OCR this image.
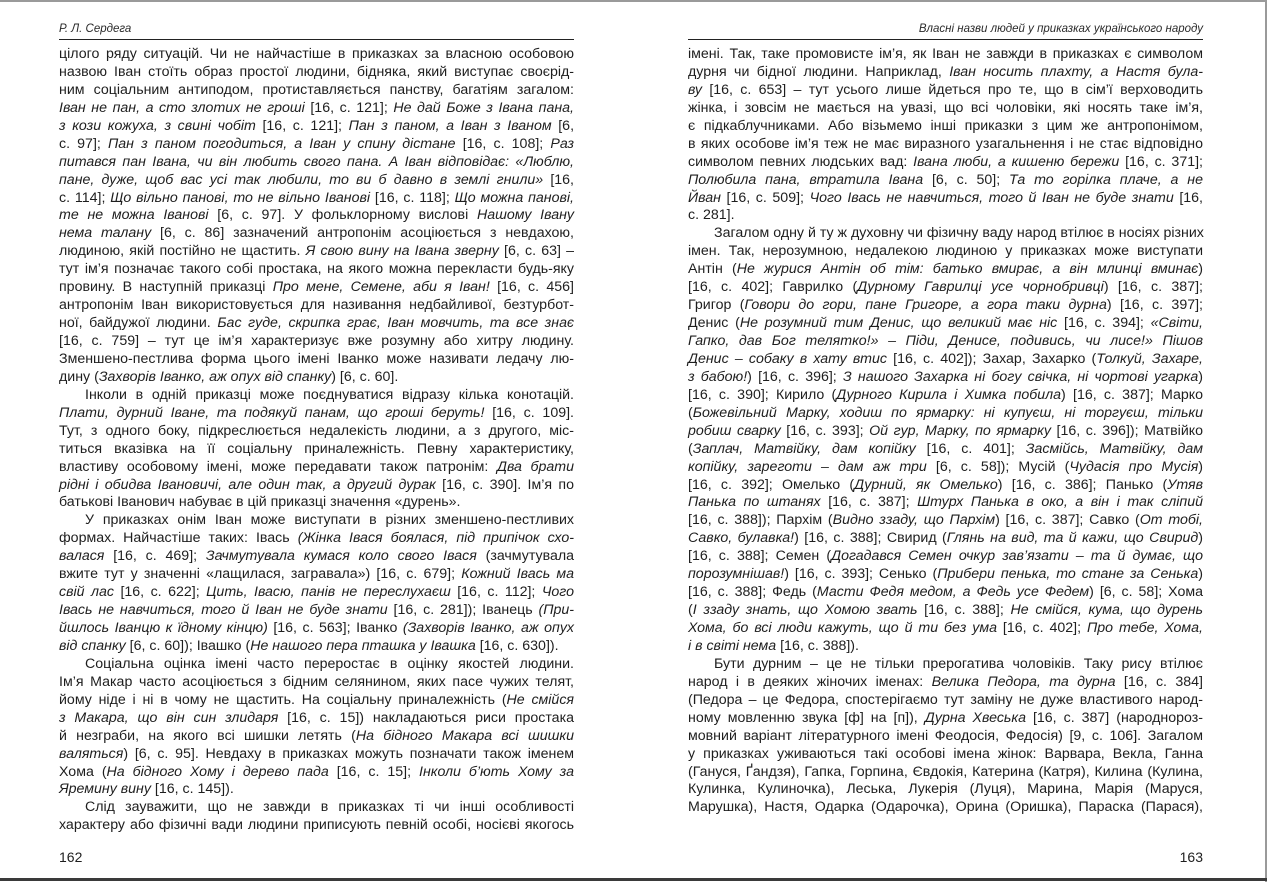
Р. Л. Сердега
цілого ряду ситуацій. Чи не найчастіше в приказках за власною особовою
назвою Іван стоїть образ простої людини, бідняка, який виступає своєрід-
ним соціальним антиподом, протиставляється панству, багатіям загалом:
Іван не пан, а сто злотих не гроші [16, с. 121]; Не дай Боже з Івана пана,
з кози кожуха, з свині чобіт [16, с. 121]; Пан з паном, а Іван з Іваном [6,
с. 97]; Пан з паном погодиться, а Іван у спину дістане [16, с. 108]; Раз
питався пан Івана, чи він любить свого пана. А Іван відповідає: «Люблю,
пане, дуже, щоб вас усі так любили, то ви б давно в землі гнили» [16,
с. 114]; Що вільно панові, то не вільно Іванові [16, с. 118]; Що можна панові,
те не можна Іванові [6, с. 97]. У фольклорному вислові Нашому Івану
нема талану [6, с. 86] зазначений антропонім асоціюється з невдахою,
людиною, якій постійно не щастить. Я свою вину на Івана зверну [6, с. 63] –
тут ім’я позначає такого собі простака, на якого можна перекласти будь-яку
провину. В наступній приказці Про мене, Семене, аби я Іван! [16, с. 456]
антропонім Іван використовується для називання недбайливої, безтурбот-
ної, байдужої людини. Бас гуде, скрипка грає, Іван мовчить, та все знає
[16, с. 759] – тут це ім’я характеризує вже розумну або хитру людину.
Зменшено-пестлива форма цього імені Іванко може називати ледачу лю-
дину (Захворів Іванко, аж опух від спанку) [6, с. 60].
Інколи в одній приказці може поєднуватися відразу кілька конотацій.
Плати, дурний Іване, та подякуй панам, що гроші беруть! [16, с. 109].
Тут, з одного боку, підкреслюється недалекість людини, а з другого, міс-
титься вказівка на її соціальну приналежність. Певну характеристику,
властиву особовому імені, може передавати також патронім: Два брати
рідні і обидва Івановичі, але один так, а другий дурак [16, с. 390]. Ім’я по
батькові Іванович набуває в цій приказці значення «дурень».
У приказках онім Іван може виступати в різних зменшено-пестливих
формах. Найчастіше таких: Івась (Жінка Івася боялася, під припічок схо-
валася [16, с. 469]; Зачмутувала кумася коло свого Івася (зачмутувала
вжите тут у значенні «лащилася, загравала») [16, с. 679]; Кожний Івась ма
свій лас [16, с. 622]; Цить, Івасю, панів не переслухаєш [16, с. 112]; Чого
Івась не навчиться, того й Іван не буде знати [16, с. 281]); Іванець (При-
йшлось Іванцю к їдному кінцю) [16, с. 563]; Іванко (Захворів Іванко, аж опух
від спанку [6, с. 60]); Івашко (Не нашого пера пташка у Івашка [16, с. 630]).
Соціальна оцінка імені часто переростає в оцінку якостей людини.
Ім’я Макар часто асоціюється з бідним селянином, яких пасе чужих телят,
йому ніде і ні в чому не щастить. На соціальну приналежність (Не смійся
з Макара, що він син злидаря [16, с. 15]) накладаються риси простака
й незграби, на якого всі шишки летять (На бідного Макара всі шишки
валяться) [6, с. 95]. Невдаху в приказках можуть позначати також іменем
Хома (На бідного Хому і дерево пада [16, с. 15]; Інколи б’ють Хому за
Яремину вину [16, с. 145]).
Слід зауважити, що не завжди в приказках ті чи інші особливості
характеру або фізичні вади людини приписують певній особі, носієві якогось
162
Власні назви людей у приказках українського народу
імені. Так, таке промовисте ім’я, як Іван не завжди в приказках є символом
дурня чи бідної людини. Наприклад, Іван носить плахту, а Настя була-
ву [16, с. 653] – тут усього лише йдеться про те, що в сім’ї верховодить
жінка, і зовсім не мається на увазі, що всі чоловіки, які носять таке ім’я,
є підкаблучниками. Або візьмемо інші приказки з цим же антропонімом,
в яких особове ім’я теж не має виразного узагальнення і не стає відповідно
символом певних людських вад: Івана люби, а кишеню бережи [16, с. 371];
Полюбила пана, втратила Івана [6, с. 50]; Та то горілка плаче, а не
Йван [16, с. 509]; Чого Івась не навчиться, того й Іван не буде знати [16,
с. 281].
Загалом одну й ту ж духовну чи фізичну ваду народ втілює в носіях різних
імен. Так, нерозумною, недалекою людиною у приказках може виступати
Антін (Не журися Антін об тім: батько вмирає, а він млинці вминає)
[16, с. 402]; Гаврилко (Дурному Гаврилці усе чорнобривці) [16, с. 387];
Григор (Говори до гори, пане Григоре, а гора таки дурна) [16, с. 397];
Денис (Не розумний тим Денис, що великий має ніс [16, с. 394]; «Світи,
Гапко, дав Бог телятко!» – Піди, Денисе, подивись, чи лисе!» Пішов
Денис – собаку в хату втис [16, с. 402]); Захар, Захарко (Толкуй, Захаре,
з бабою!) [16, с. 396]; З нашого Захарка ні богу свічка, ні чортові угарка)
[16, с. 390]; Кирило (Дурного Кирила і Химка побила) [16, с. 387]; Марко
(Божевільний Марку, ходиш по ярмарку: ні купуєш, ні торгуєш, тільки
робиш сварку [16, с. 393]; Ой гур, Марку, по ярмарку [16, с. 396]); Матвійко
(Заплач, Матвійку, дам копійку [16, с. 401]; Засмійсь, Матвійку, дам
копійку, зареготи – дам аж три [6, с. 58]); Мусій (Чудасія про Мусія)
[16, с. 392]; Омелько (Дурний, як Омелько) [16, с. 386]; Панько (Утяв
Панька по штанях [16, с. 387]; Штурх Панька в око, а він і так сліпий
[16, с. 388]); Пархім (Видно ззаду, що Пархім) [16, с. 387]; Савко (От тобі,
Савко, булавка!) [16, с. 388]; Свирид (Глянь на вид, та й кажи, що Свирид)
[16, с. 388]; Семен (Догадався Семен очкур зав’язати – та й думає, що
порозумнішав!) [16, с. 393]; Сенько (Прибери пенька, то стане за Сенька)
[16, с. 388]; Федь (Масти Федя медом, а Федь усе Федем) [6, с. 58]; Хома
(І ззаду знать, що Хомою звать [16, с. 388]; Не смійся, кума, що дурень
Хома, бо всі люди кажуть, що й ти без ума [16, с. 402]; Про тебе, Хома,
і в світі нема [16, с. 388]).
Бути дурним – це не тільки прерогатива чоловіків. Таку рису втілює
народ і в деяких жіночих іменах: Велика Педора, та дурна [16, с. 384]
(Педора – це Федора, спостерігаємо тут заміну не дуже властивого народ-
ному мовленню звука [ф] на [п]), Дурна Хвеська [16, с. 387] (народнороз-
мовний варіант літературного імені Феодосія, Федосія) [9, с. 106]. Загалом
у приказках уживаються такі особові імена жінок: Варвара, Векла, Ганна
(Гануся, Ґандзя), Гапка, Горпина, Євдокія, Катерина (Катря), Килина (Кулина,
Кулинка, Кулиночка), Леська, Лукерія (Луця), Марина, Марія (Маруся,
Марушка), Настя, Одарка (Одарочка), Орина (Оришка), Параска (Парася),
163
